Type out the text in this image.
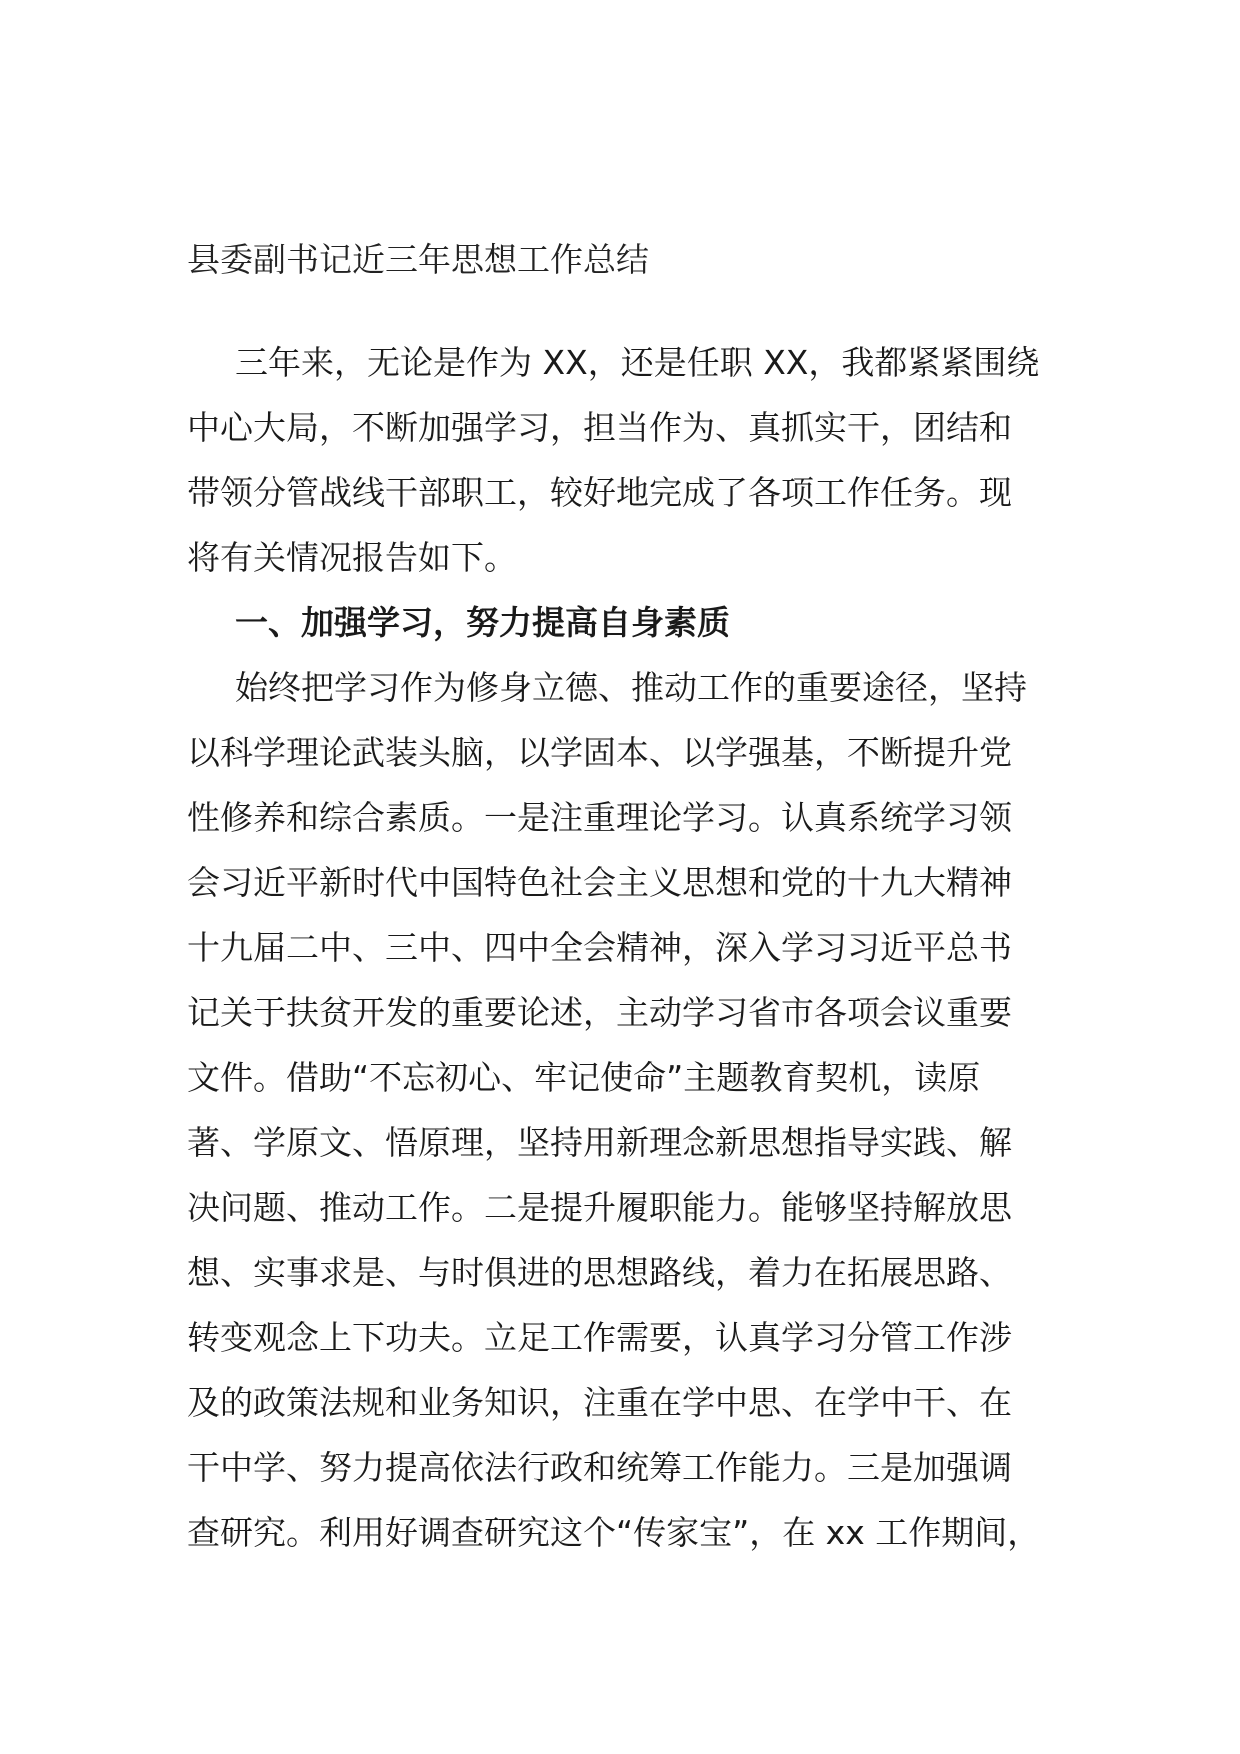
县委副书记近三年思想工作总结
三年来，无论是作为 XX，还是任职 XX，我都紧紧围绕
中心大局，不断加强学习，担当作为、真抓实干，团结和
带领分管战线干部职工，较好地完成了各项工作任务。现
将有关情况报告如下。
一、加强学习，努力提高自身素质
始终把学习作为修身立德、推动工作的重要途径，坚持
以科学理论武装头脑，以学固本、以学强基，不断提升党
性修养和综合素质。一是注重理论学习。认真系统学习领
会习近平新时代中国特色社会主义思想和党的十九大精神
十九届二中、三中、四中全会精神，深入学习习近平总书
记关于扶贫开发的重要论述，主动学习省市各项会议重要
文件。借助“不忘初心、牢记使命”主题教育契机，读原
著、学原文、悟原理，坚持用新理念新思想指导实践、解
决问题、推动工作。二是提升履职能力。能够坚持解放思
想、实事求是、与时俱进的思想路线，着力在拓展思路、
转变观念上下功夫。立足工作需要，认真学习分管工作涉
及的政策法规和业务知识，注重在学中思、在学中干、在
干中学、努力提高依法行政和统筹工作能力。三是加强调
查研究。利用好调查研究这个“传家宝”，在 xx 工作期间，
